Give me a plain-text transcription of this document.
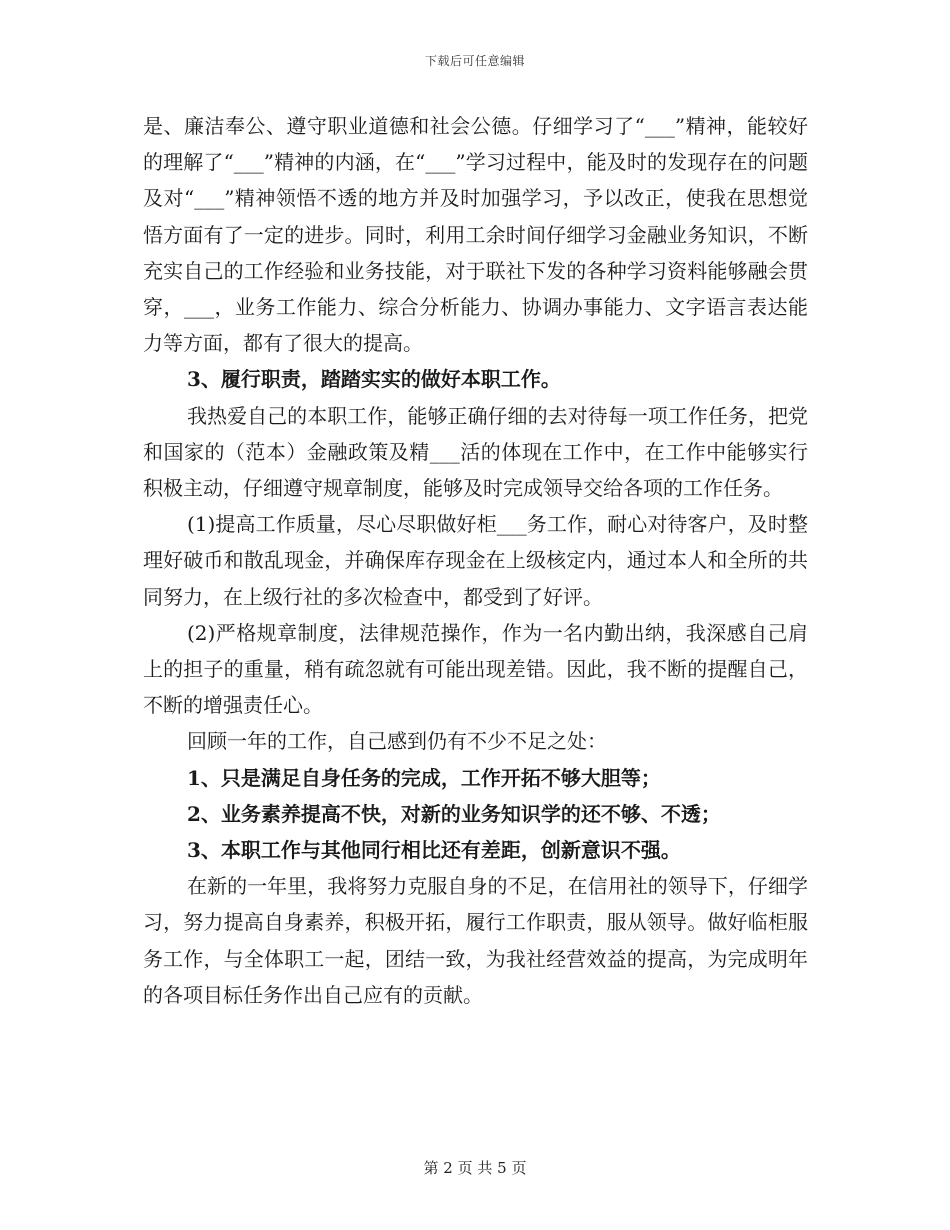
下载后可任意编辑

是、廉洁奉公、遵守职业道德和社会公德。仔细学习了“___”精神，能较好的理解了“___”精神的内涵，在“___”学习过程中，能及时的发现存在的问题及对“___”精神领悟不透的地方并及时加强学习，予以改正，使我在思想觉悟方面有了一定的进步。同时，利用工余时间仔细学习金融业务知识，不断充实自己的工作经验和业务技能，对于联社下发的各种学习资料能够融会贯穿，___，业务工作能力、综合分析能力、协调办事能力、文字语言表达能力等方面，都有了很大的提高。

3、履行职责，踏踏实实的做好本职工作。

我热爱自己的本职工作，能够正确仔细的去对待每一项工作任务，把党和国家的（范本）金融政策及精___活的体现在工作中，在工作中能够实行积极主动，仔细遵守规章制度，能够及时完成领导交给各项的工作任务。

(1)提高工作质量，尽心尽职做好柜___务工作，耐心对待客户，及时整理好破币和散乱现金，并确保库存现金在上级核定内，通过本人和全所的共同努力，在上级行社的多次检查中，都受到了好评。

(2)严格规章制度，法律规范操作，作为一名内勤出纳，我深感自己肩上的担子的重量，稍有疏忽就有可能出现差错。因此，我不断的提醒自己，不断的增强责任心。

回顾一年的工作，自己感到仍有不少不足之处：

1、只是满足自身任务的完成，工作开拓不够大胆等；

2、业务素养提高不快，对新的业务知识学的还不够、不透；

3、本职工作与其他同行相比还有差距，创新意识不强。

在新的一年里，我将努力克服自身的不足，在信用社的领导下，仔细学习，努力提高自身素养，积极开拓，履行工作职责，服从领导。做好临柜服务工作，与全体职工一起，团结一致，为我社经营效益的提高，为完成明年的各项目标任务作出自己应有的贡献。

第 2 页 共 5 页
